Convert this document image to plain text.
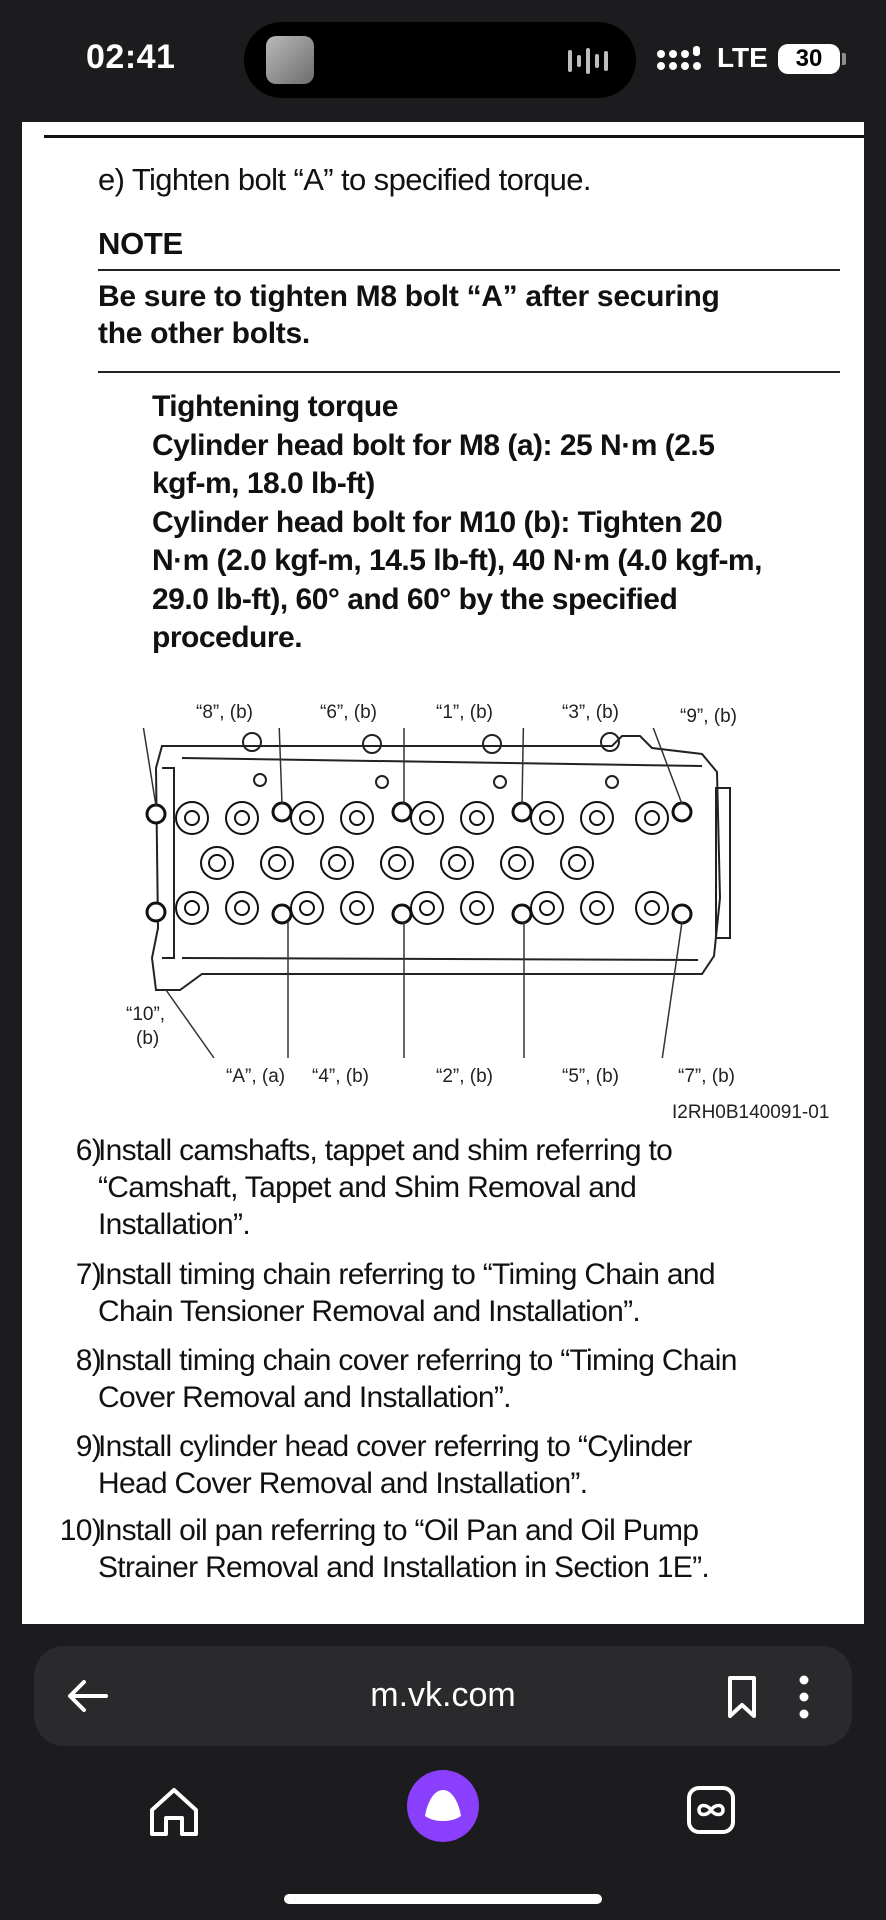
02:41	LTE	30
e) Tighten bolt “A” to specified torque.
NOTE
Be sure to tighten M8 bolt “A” after securing
the other bolts.
Tightening torque
Cylinder head bolt for M8 (a): 25 N·m (2.5
kgf-m, 18.0 lb-ft)
Cylinder head bolt for M10 (b): Tighten 20
N·m (2.0 kgf-m, 14.5 lb-ft), 40 N·m (4.0 kgf-m,
29.0 lb-ft), 60° and 60° by the specified
procedure.
“8”, (b)	“6”, (b)	“1”, (b)	“3”, (b)	“9”, (b)
“10”,
(b)
“A”, (a) “4”, (b)	“2”, (b)	“5”, (b)	“7”, (b)
I2RH0B140091-01
6)
Install camshafts, tappet and shim referring to
“Camshaft, Tappet and Shim Removal and
Installation”.
7)
Install timing chain referring to “Timing Chain and
Chain Tensioner Removal and Installation”.
8)
Install timing chain cover referring to “Timing Chain
Cover Removal and Installation”.
9)
Install cylinder head cover referring to “Cylinder
Head Cover Removal and Installation”.
10)
Install oil pan referring to “Oil Pan and Oil Pump
Strainer Removal and Installation in Section 1E”.
m.vk.com
